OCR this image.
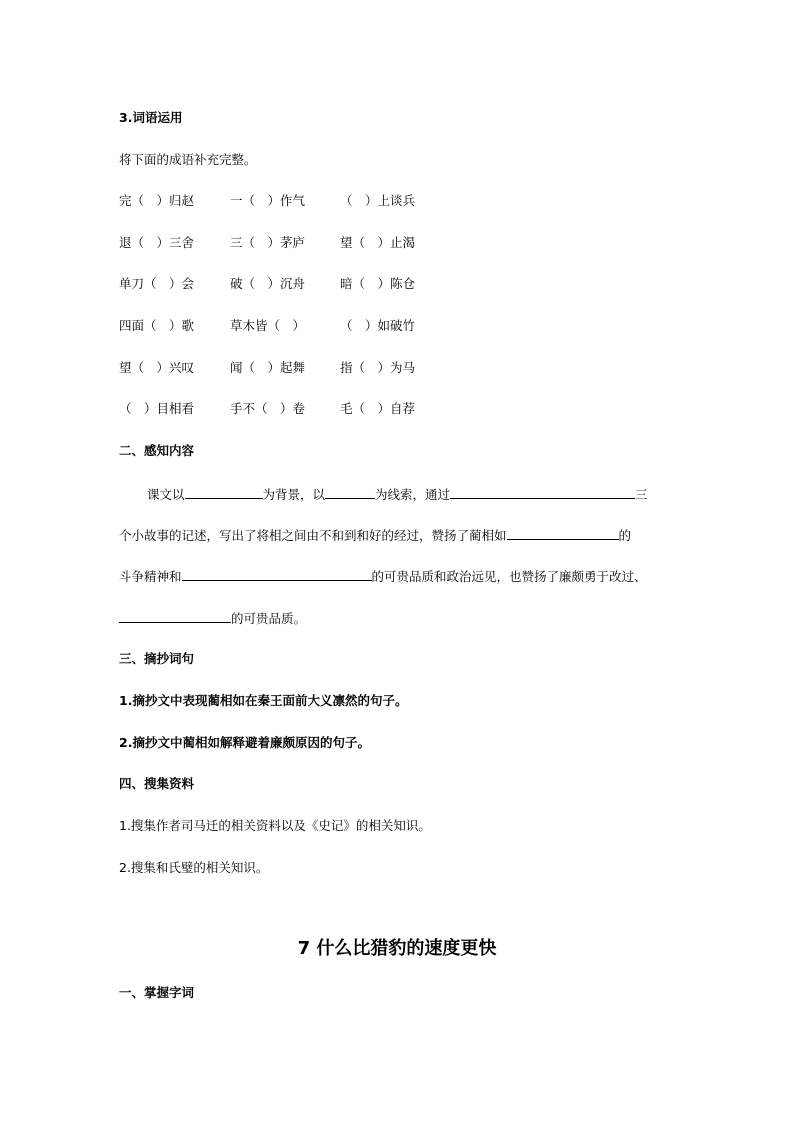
3.词语运用
将下面的成语补充完整。
完（　）归赵	一（　）作气	（　）上谈兵
退（　）三舍	三（　）茅庐	望（　）止渴
单刀（　）会	破（　）沉舟	暗（　）陈仓
四面（　）歌	草木皆（　）	（　）如破竹
望（　）兴叹	闻（　）起舞	指（　）为马
（　）目相看	手不（　）卷	毛（　）自荐
二、感知内容
课文以	为背景，以	为线索，通过	三
个小故事的记述，写出了将相之间由不和到和好的经过，赞扬了蔺相如	的
斗争精神和	的可贵品质和政治远见，也赞扬了廉颇勇于改过、
的可贵品质。
三、摘抄词句
1.摘抄文中表现蔺相如在秦王面前大义凛然的句子。
2.摘抄文中蔺相如解释避着廉颇原因的句子。
四、搜集资料
1.搜集作者司马迁的相关资料以及《史记》的相关知识。
2.搜集和氏璧的相关知识。
7 什么比猎豹的速度更快
一、掌握字词
